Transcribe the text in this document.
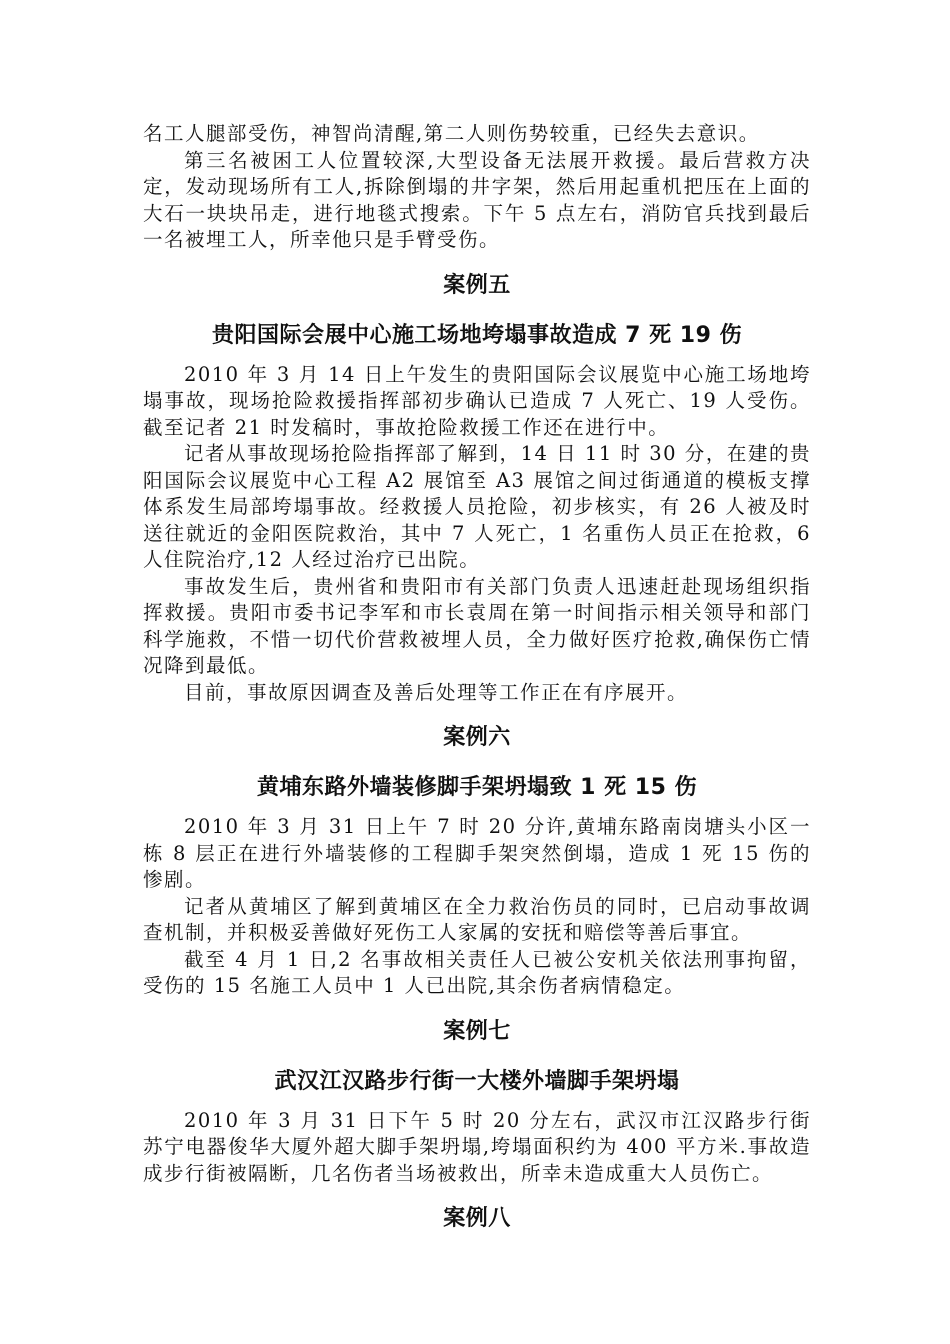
名工人腿部受伤，神智尚清醒,第二人则伤势较重，已经失去意识。

第三名被困工人位置较深,大型设备无法展开救援。最后营救方决定，发动现场所有工人,拆除倒塌的井字架，然后用起重机把压在上面的大石一块块吊走，进行地毯式搜索。下午 5 点左右，消防官兵找到最后一名被埋工人，所幸他只是手臂受伤。

案例五
贵阳国际会展中心施工场地垮塌事故造成 7 死 19 伤

2010 年 3 月 14 日上午发生的贵阳国际会议展览中心施工场地垮塌事故，现场抢险救援指挥部初步确认已造成 7 人死亡、19 人受伤。截至记者 21 时发稿时，事故抢险救援工作还在进行中。

记者从事故现场抢险指挥部了解到，14 日 11 时 30 分，在建的贵阳国际会议展览中心工程 A2 展馆至 A3 展馆之间过街通道的模板支撑体系发生局部垮塌事故。经救援人员抢险，初步核实，有 26 人被及时送往就近的金阳医院救治，其中 7 人死亡，1 名重伤人员正在抢救，6 人住院治疗,12 人经过治疗已出院。

事故发生后，贵州省和贵阳市有关部门负责人迅速赶赴现场组织指挥救援。贵阳市委书记李军和市长袁周在第一时间指示相关领导和部门科学施救，不惜一切代价营救被埋人员，全力做好医疗抢救,确保伤亡情况降到最低。

目前，事故原因调查及善后处理等工作正在有序展开。

案例六
黄埔东路外墙装修脚手架坍塌致 1 死 15 伤

2010 年 3 月 31 日上午 7 时 20 分许,黄埔东路南岗塘头小区一栋 8 层正在进行外墙装修的工程脚手架突然倒塌，造成 1 死 15 伤的惨剧。

记者从黄埔区了解到黄埔区在全力救治伤员的同时，已启动事故调查机制，并积极妥善做好死伤工人家属的安抚和赔偿等善后事宜。

截至 4 月 1 日,2 名事故相关责任人已被公安机关依法刑事拘留，受伤的 15 名施工人员中 1 人已出院,其余伤者病情稳定。

案例七
武汉江汉路步行街一大楼外墙脚手架坍塌

2010 年 3 月 31 日下午 5 时 20 分左右，武汉市江汉路步行街苏宁电器俊华大厦外超大脚手架坍塌,垮塌面积约为 400 平方米.事故造成步行街被隔断，几名伤者当场被救出，所幸未造成重大人员伤亡。

案例八
